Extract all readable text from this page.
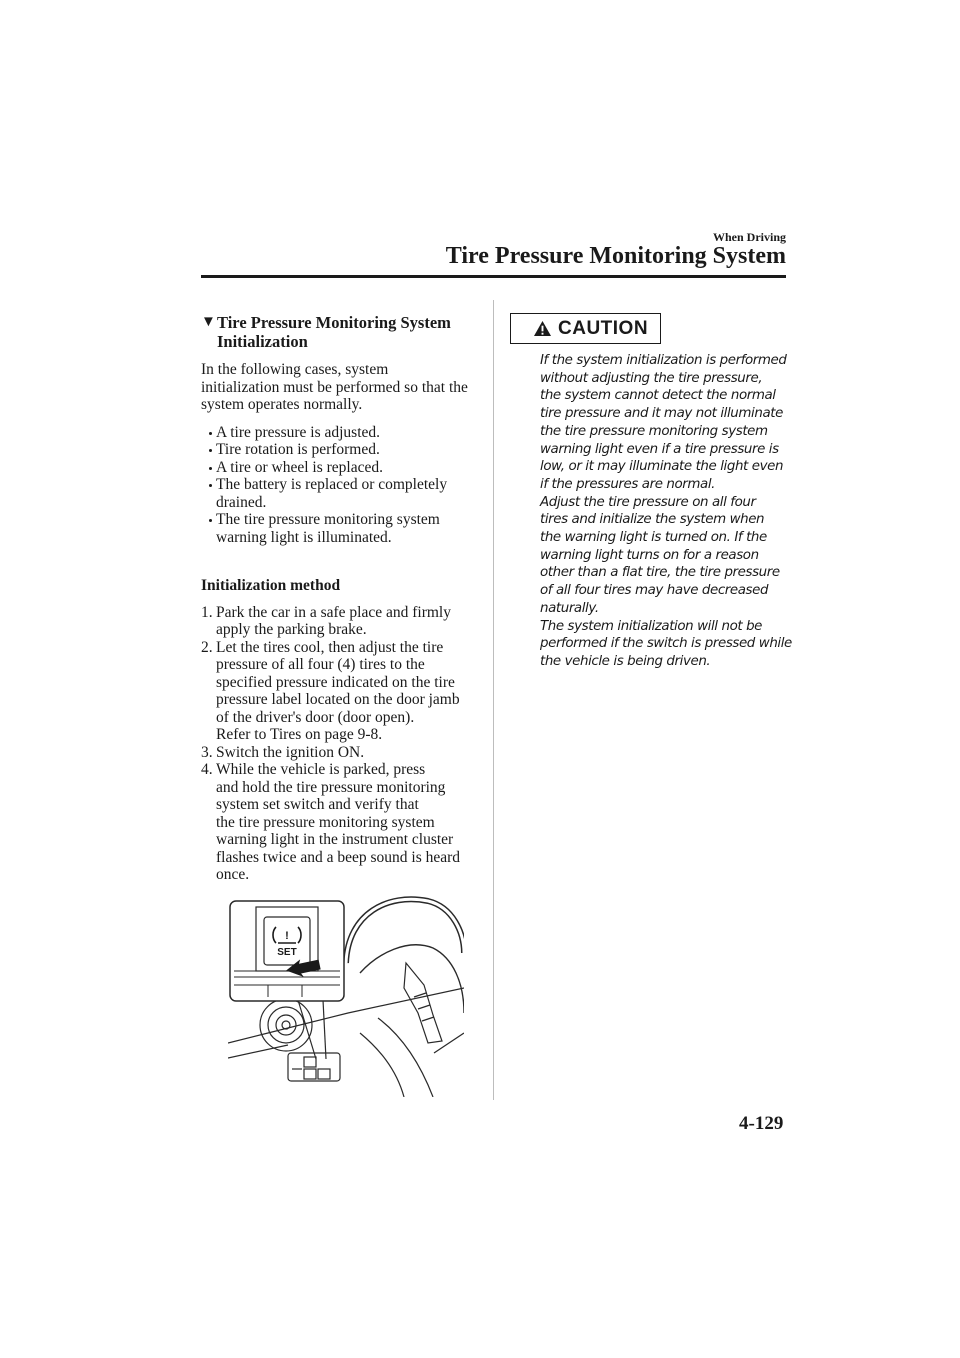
When Driving
Tire Pressure Monitoring System
▼ Tire Pressure Monitoring System
Initialization
In the following cases, system
initialization must be performed so that the
system operates normally.
A tire pressure is adjusted.
Tire rotation is performed.
A tire or wheel is replaced.
The battery is replaced or completely
drained.
The tire pressure monitoring system
warning light is illuminated.
Initialization method
1. Park the car in a safe place and firmly
apply the parking brake.
2. Let the tires cool, then adjust the tire
pressure of all four (4) tires to the
specified pressure indicated on the tire
pressure label located on the door jamb
of the driver's door (door open).
Refer to Tires on page 9-8.
3. Switch the ignition ON.
4. While the vehicle is parked, press
and hold the tire pressure monitoring
system set switch and verify that
the tire pressure monitoring system
warning light in the instrument cluster
flashes twice and a beep sound is heard
once.
!
SET
CAUTION
If the system initialization is performed
without adjusting the tire pressure,
the system cannot detect the normal
tire pressure and it may not illuminate
the tire pressure monitoring system
warning light even if a tire pressure is
low, or it may illuminate the light even
if the pressures are normal.
Adjust the tire pressure on all four
tires and initialize the system when
the warning light is turned on. If the
warning light turns on for a reason
other than a flat tire, the tire pressure
of all four tires may have decreased
naturally.
The system initialization will not be
performed if the switch is pressed while
the vehicle is being driven.
4-129
